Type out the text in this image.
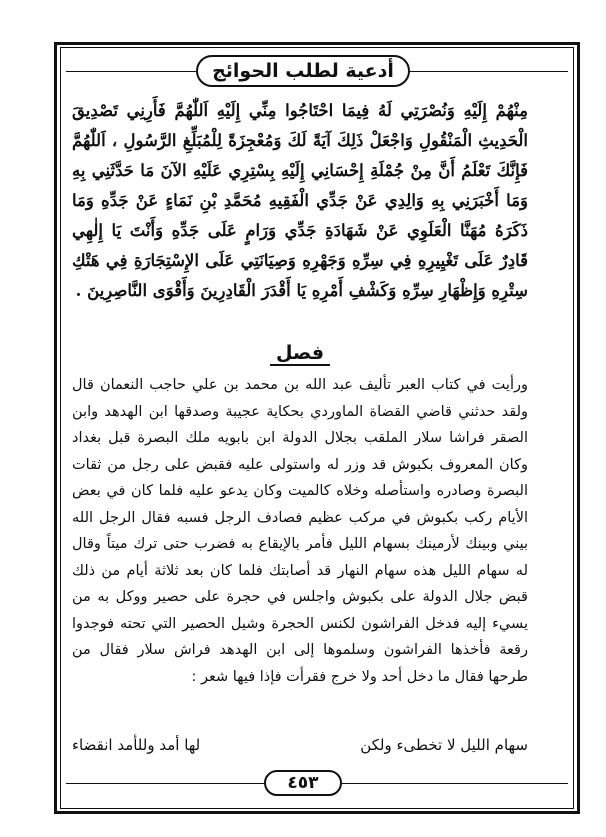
أدعية لطلب الحوائج
مِنْهُمْ إِلَيْهِ وَنُصْرَتِي لَهُ فِيمَا احْتَاجُوا مِنِّي إِلَيْهِ اَللّٰهُمَّ فَأَرِنِي تَصْدِيقَ الْحَدِيثِ الْمَنْقُولِ وَاجْعَلْ ذَلِكَ آيَةً لَكَ وَمُعْجِزَةً لِلْمُبَلِّغِ الرَّسُولِ ، اَللّٰهُمَّ فَإِنَّكَ تَعْلَمُ أَنَّ مِنْ جُمْلَةِ إِحْسَانِي إِلَيْهِ بِسْتِرِي عَلَيْهِ الآنَ مَا حَدَّثَنِي بِهِ وَمَا أَخْبَرَنِي بِهِ وَالِدِي عَنْ جَدِّي الْفَقِيهِ مُحَمَّدِ بْنِ نَمَاءٍ عَنْ جَدِّهِ وَمَا ذَكَرَهُ مُهَنَّا الْعَلَوِي عَنْ شَهَادَةِ جَدِّي وَرَامٍ عَلَى جَدِّهِ وَأَنْتَ يَا إِلٰهِي قَادِرٌ عَلَى تَغْيِيرِهِ فِي سِرِّهِ وَجَهْرِهِ وَصِيَانَتِي عَلَى الإِسْتِجَارَةِ فِي هَتْكِ سِتْرِهِ وَإِظْهَارِ سِرِّهِ وَكَشْفِ أَمْرِهِ يَا أَقْدَرَ الْقَادِرِينَ وَأَقْوَى النَّاصِرِينَ .
فصل
ورأيت في كتاب العبر تأليف عبد الله بن محمد بن علي حاجب النعمان قال ولقد حدثني قاضي القضاة الماوردي بحكاية عجيبة وصدقها ابن الهدهد وابن الصقر فراشا سلار الملقب بجلال الدولة ابن بابويه ملك البصرة قبل بغداد وكان المعروف بكبوش قد وزر له واستولى عليه فقبض على رجل من ثقات البصرة وصادره واستأصله وخلاه كالميت وكان يدعو عليه فلما كان في بعض الأيام ركب بكبوش في مركب عظيم فصادف الرجل فسبه فقال الرجل الله بيني وبينك لأرمينك بسهام الليل فأمر بالإيقاع به فضرب حتى ترك ميتاً وقال له سهام الليل هذه سهام النهار قد أصابتك فلما كان بعد ثلاثة أيام من ذلك قبض جلال الدولة على بكبوش واجلس في حجرة على حصير ووكل به من يسيء إليه فدخل الفراشون لكنس الحجرة وشيل الحصير التي تحته فوجدوا رقعة فأخذها الفراشون وسلموها إلى ابن الهدهد فراش سلار فقال من طرحها فقال ما دخل أحد ولا خرج فقرأت فإذا فيها شعر :
سهام الليل لا تخطىء ولكن
لها أمد وللأمد انقضاء
٤٥٣
